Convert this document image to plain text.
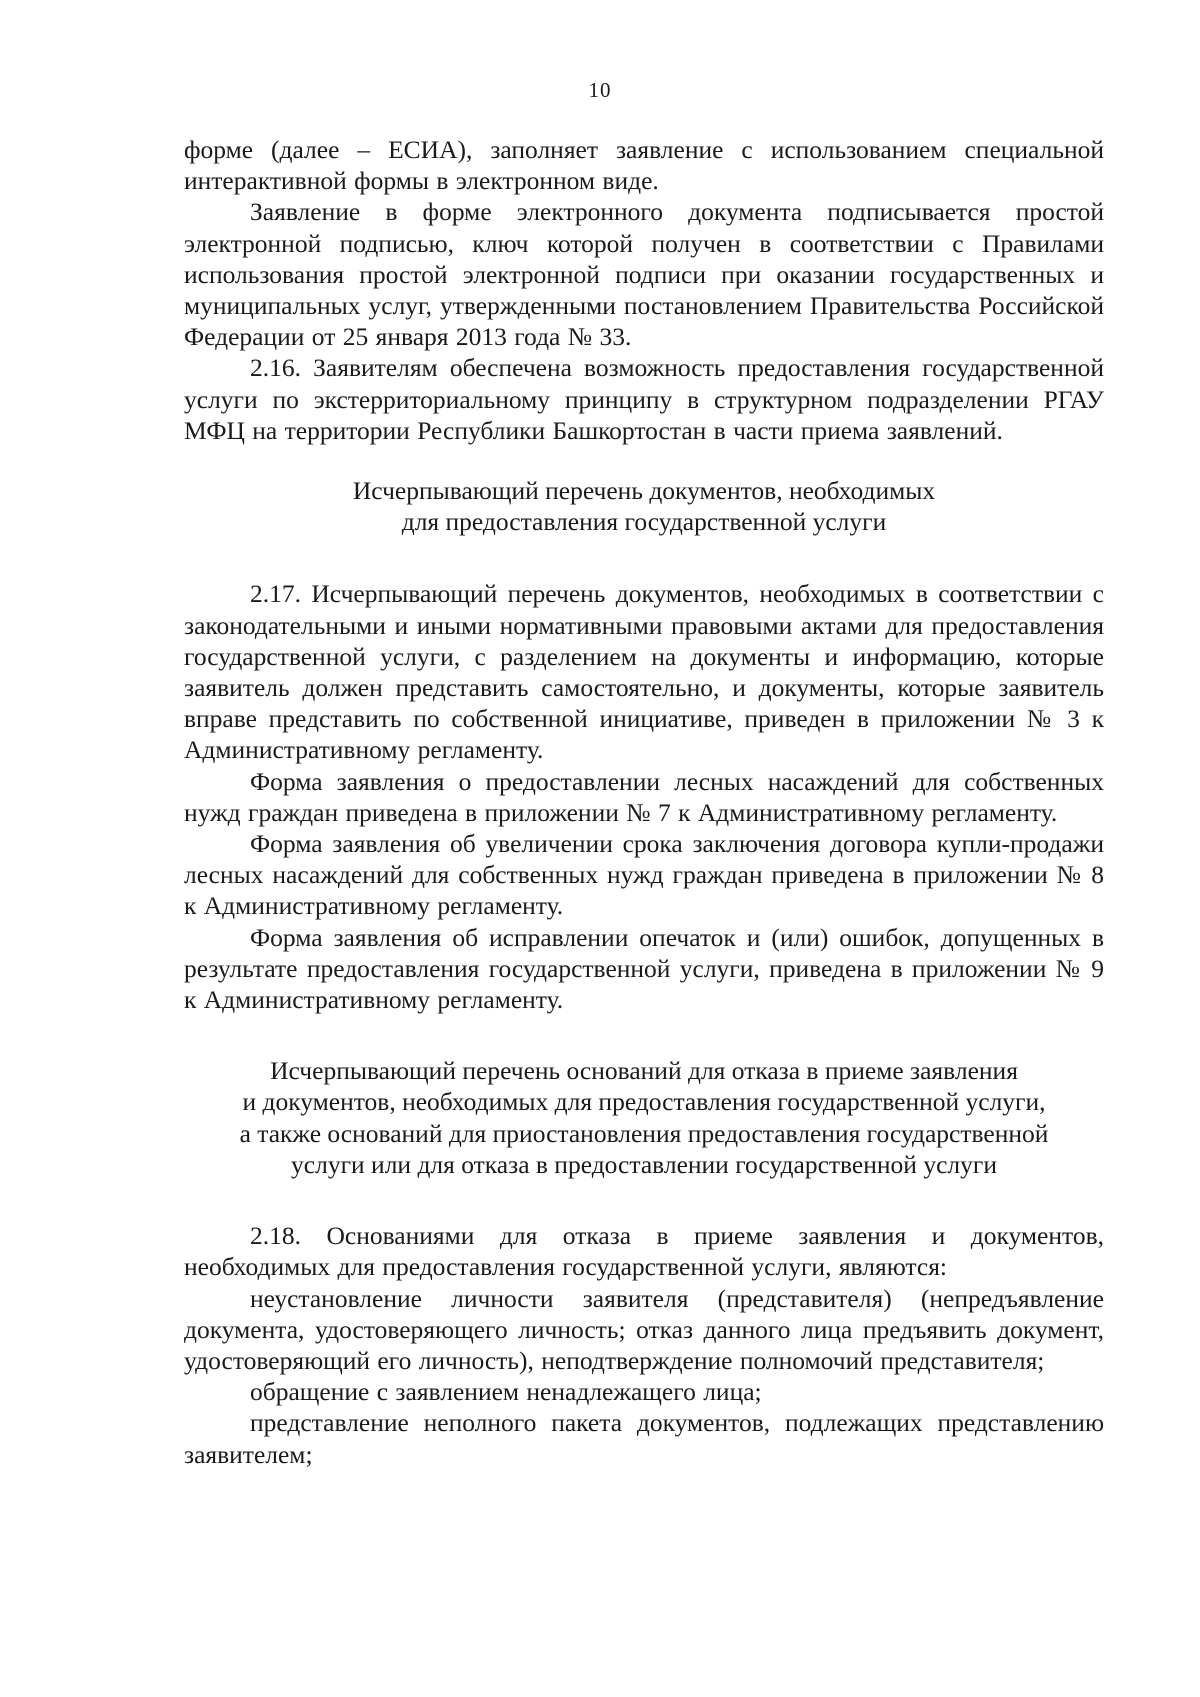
10

форме (далее – ЕСИА), заполняет заявление с использованием специальной интерактивной формы в электронном виде.

Заявление в форме электронного документа подписывается простой электронной подписью, ключ которой получен в соответствии с Правилами использования простой электронной подписи при оказании государственных и муниципальных услуг, утвержденными постановлением Правительства Российской Федерации от 25 января 2013 года № 33.

2.16. Заявителям обеспечена возможность предоставления государственной услуги по экстерриториальному принципу в структурном подразделении РГАУ МФЦ на территории Республики Башкортостан в части приема заявлений.

Исчерпывающий перечень документов, необходимых

для предоставления государственной услуги

2.17. Исчерпывающий перечень документов, необходимых в соответствии с законодательными и иными нормативными правовыми актами для предоставления государственной услуги, с разделением на документы и информацию, которые заявитель должен представить самостоятельно, и документы, которые заявитель вправе представить по собственной инициативе, приведен в приложении № 3 к Административному регламенту.

Форма заявления о предоставлении лесных насаждений для собственных нужд граждан приведена в приложении № 7 к Административному регламенту.

Форма заявления об увеличении срока заключения договора купли-продажи лесных насаждений для собственных нужд граждан приведена в приложении № 8 к Административному регламенту.

Форма заявления об исправлении опечаток и (или) ошибок, допущенных в результате предоставления государственной услуги, приведена в приложении № 9 к Административному регламенту.

Исчерпывающий перечень оснований для отказа в приеме заявления

и документов, необходимых для предоставления государственной услуги,

а также оснований для приостановления предоставления государственной

услуги или для отказа в предоставлении государственной услуги

2.18. Основаниями для отказа в приеме заявления и документов, необходимых для предоставления государственной услуги, являются:

неустановление личности заявителя (представителя) (непредъявление документа, удостоверяющего личность; отказ данного лица предъявить документ, удостоверяющий его личность), неподтверждение полномочий представителя;

обращение с заявлением ненадлежащего лица;

представление неполного пакета документов, подлежащих представлению заявителем;
